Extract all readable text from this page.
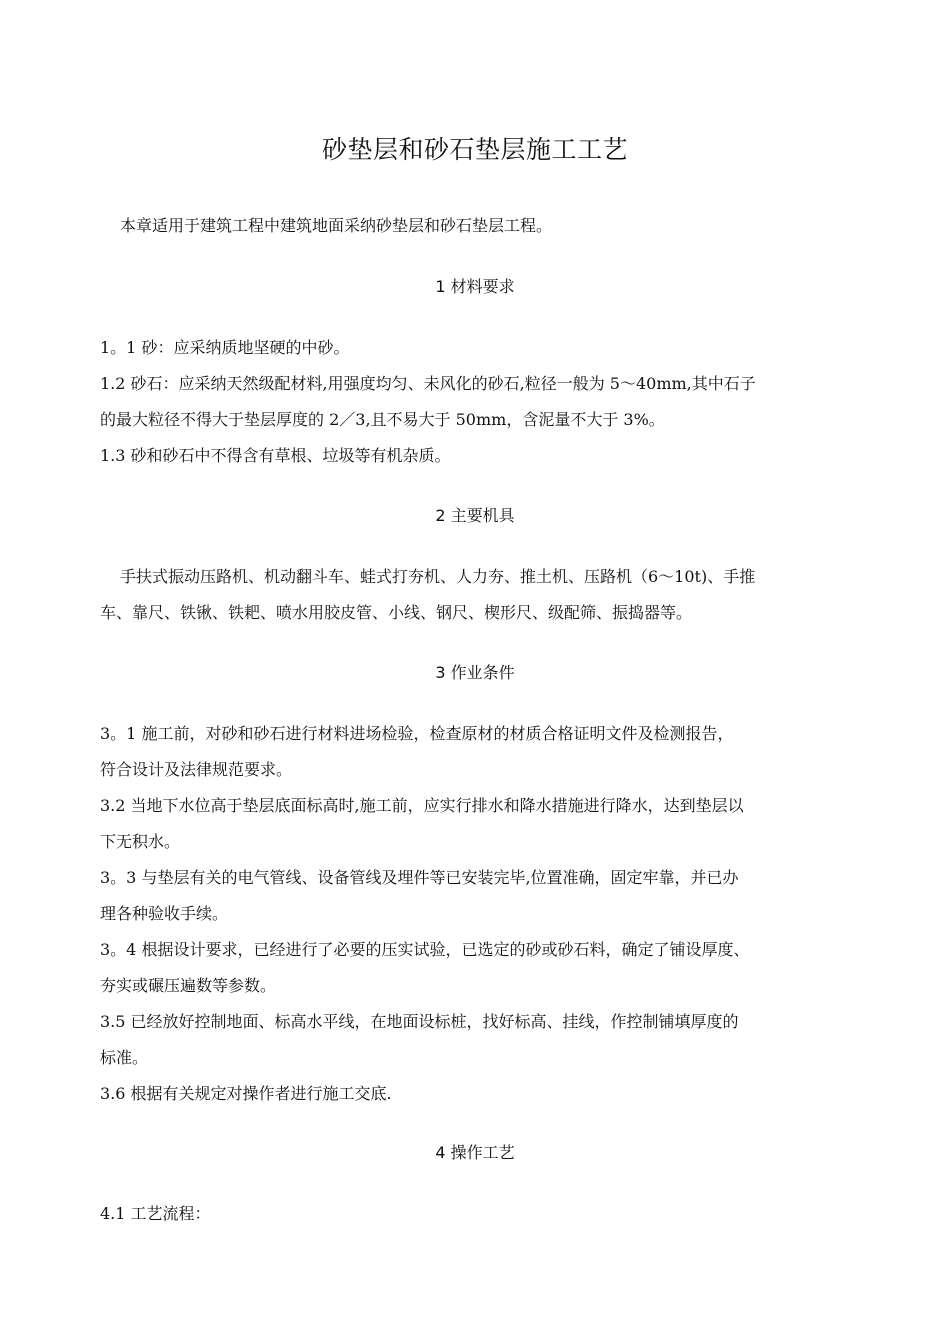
砂垫层和砂石垫层施工工艺
本章适用于建筑工程中建筑地面采纳砂垫层和砂石垫层工程。
1 材料要求
1。1 砂：应采纳质地坚硬的中砂。
1.2 砂石：应采纳天然级配材料,用强度均匀、未风化的砂石,粒径一般为 5～40mm,其中石子
的最大粒径不得大于垫层厚度的 2／3,且不易大于 50mm，含泥量不大于 3%。
1.3 砂和砂石中不得含有草根、垃圾等有机杂质。
2 主要机具
手扶式振动压路机、机动翻斗车、蛙式打夯机、人力夯、推土机、压路机（6～10t)、手推
车、靠尺、铁锹、铁耙、喷水用胶皮管、小线、钢尺、楔形尺、级配筛、振捣器等。
3 作业条件
3。1 施工前，对砂和砂石进行材料进场检验，检查原材的材质合格证明文件及检测报告，
符合设计及法律规范要求。
3.2 当地下水位高于垫层底面标高时,施工前，应实行排水和降水措施进行降水，达到垫层以
下无积水。
3。3 与垫层有关的电气管线、设备管线及埋件等已安装完毕,位置准确，固定牢靠，并已办
理各种验收手续。
3。4 根据设计要求，已经进行了必要的压实试验，已选定的砂或砂石料，确定了铺设厚度、
夯实或碾压遍数等参数。
3.5 已经放好控制地面、标高水平线，在地面设标桩，找好标高、挂线，作控制铺填厚度的
标准。
3.6 根据有关规定对操作者进行施工交底.
4 操作工艺
4.1 工艺流程：
